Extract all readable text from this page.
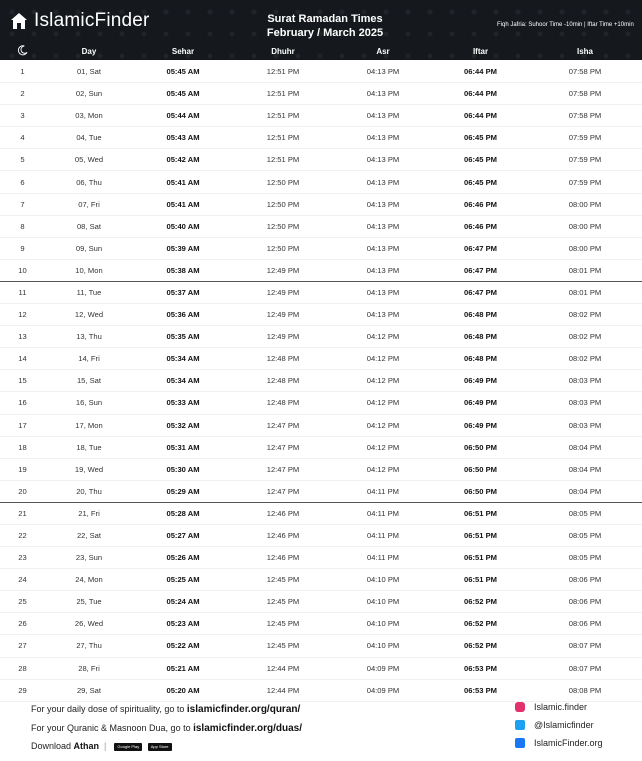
IslamicFinder	Surat Ramadan Times
February / March 2025
Fiqh Jafria: Suhoor Time -10min | Iftar Time +10min
Day	Sehar	Dhuhr	Asr	Iftar	Isha
1	01, Sat	05:45 AM	12:51 PM	04:13 PM	06:44 PM	07:58 PM
2	02, Sun	05:45 AM	12:51 PM	04:13 PM	06:44 PM	07:58 PM
3	03, Mon	05:44 AM	12:51 PM	04:13 PM	06:44 PM	07:58 PM
4	04, Tue	05:43 AM	12:51 PM	04:13 PM	06:45 PM	07:59 PM
5	05, Wed	05:42 AM	12:51 PM	04:13 PM	06:45 PM	07:59 PM
6	06, Thu	05:41 AM	12:50 PM	04:13 PM	06:45 PM	07:59 PM
7	07, Fri	05:41 AM	12:50 PM	04:13 PM	06:46 PM	08:00 PM
8	08, Sat	05:40 AM	12:50 PM	04:13 PM	06:46 PM	08:00 PM
9	09, Sun	05:39 AM	12:50 PM	04:13 PM	06:47 PM	08:00 PM
10	10, Mon	05:38 AM	12:49 PM	04:13 PM	06:47 PM	08:01 PM
11	11, Tue	05:37 AM	12:49 PM	04:13 PM	06:47 PM	08:01 PM
12	12, Wed	05:36 AM	12:49 PM	04:13 PM	06:48 PM	08:02 PM
13	13, Thu	05:35 AM	12:49 PM	04:12 PM	06:48 PM	08:02 PM
14	14, Fri	05:34 AM	12:48 PM	04:12 PM	06:48 PM	08:02 PM
15	15, Sat	05:34 AM	12:48 PM	04:12 PM	06:49 PM	08:03 PM
16	16, Sun	05:33 AM	12:48 PM	04:12 PM	06:49 PM	08:03 PM
17	17, Mon	05:32 AM	12:47 PM	04:12 PM	06:49 PM	08:03 PM
18	18, Tue	05:31 AM	12:47 PM	04:12 PM	06:50 PM	08:04 PM
19	19, Wed	05:30 AM	12:47 PM	04:12 PM	06:50 PM	08:04 PM
20	20, Thu	05:29 AM	12:47 PM	04:11 PM	06:50 PM	08:04 PM
21	21, Fri	05:28 AM	12:46 PM	04:11 PM	06:51 PM	08:05 PM
22	22, Sat	05:27 AM	12:46 PM	04:11 PM	06:51 PM	08:05 PM
23	23, Sun	05:26 AM	12:46 PM	04:11 PM	06:51 PM	08:05 PM
24	24, Mon	05:25 AM	12:45 PM	04:10 PM	06:51 PM	08:06 PM
25	25, Tue	05:24 AM	12:45 PM	04:10 PM	06:52 PM	08:06 PM
26	26, Wed	05:23 AM	12:45 PM	04:10 PM	06:52 PM	08:06 PM
27	27, Thu	05:22 AM	12:45 PM	04:10 PM	06:52 PM	08:07 PM
28	28, Fri	05:21 AM	12:44 PM	04:09 PM	06:53 PM	08:07 PM
29	29, Sat	05:20 AM	12:44 PM	04:09 PM	06:53 PM	08:08 PM
For your daily dose of spirituality, go to islamicfinder.org/quran/
For your Quranic & Masnoon Dua, go to islamicfinder.org/duas/
Download Athan  |  Google Play	App Store
Islamic.finder
@Islamicfinder
IslamicFinder.org
